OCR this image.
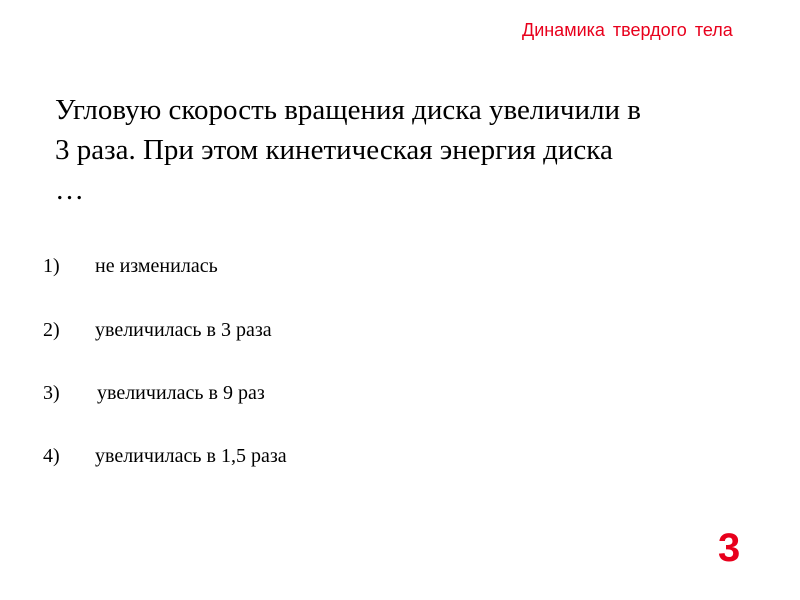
Динамика твердого тела
Угловую скорость вращения диска увеличили в
3 раза. При этом кинетическая энергия диска
…
1) не изменилась
2) увеличилась в 3 раза
3) увеличилась в 9 раз
4) увеличилась в 1,5 раза
3
